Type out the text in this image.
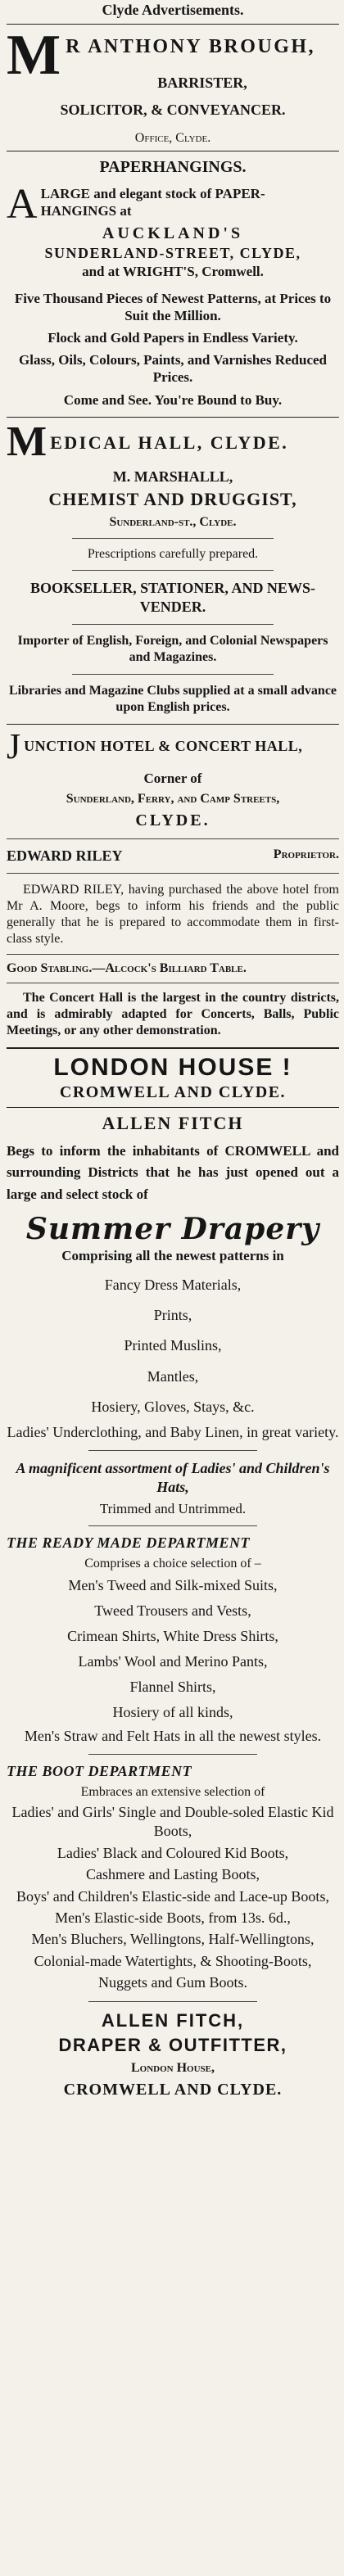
Clyde Advertisements.
M R ANTHONY BROUGH,
BARRISTER,
SOLICITOR, & CONVEYANCER.
Office, Clyde.
PAPERHANGINGS.
A LARGE and elegant stock of PAPER-HANGINGS at
AUCKLAND'S
SUNDERLAND-STREET, CLYDE,
and at WRIGHT'S, Cromwell.
Five Thousand Pieces of Newest Patterns, at Prices to Suit the Million.
Flock and Gold Papers in Endless Variety.
Glass, Oils, Colours, Paints, and Varnishes Reduced Prices.
Come and See. You're Bound to Buy.
M EDICAL HALL, CLYDE.
M. MARSHALLL,
CHEMIST AND DRUGGIST,
Sunderland-st., Clyde.
Prescriptions carefully prepared.
BOOKSELLER, STATIONER, AND NEWS-VENDER.
Importer of English, Foreign, and Colonial Newspapers and Magazines.
Libraries and Magazine Clubs supplied at a small advance upon English prices.
J UNCTION HOTEL & CONCERT HALL,
Corner of
Sunderland, Ferry, and Camp Streets,
CLYDE.
EDWARD RILEY	Proprietor.
EDWARD RILEY, having purchased the above hotel from Mr A. Moore, begs to inform his friends and the public generally that he is prepared to accommodate them in first-class style.
Good Stabling.—Alcock's Billiard Table.
The Concert Hall is the largest in the country districts, and is admirably adapted for Concerts, Balls, Public Meetings, or any other demonstration.
LONDON HOUSE !
CROMWELL AND CLYDE.
ALLEN FITCH
Begs to inform the inhabitants of CROMWELL and surrounding Districts that he has just opened out a large and select stock of
Summer Drapery
Comprising all the newest patterns in
Fancy Dress Materials,
Prints,
Printed Muslins,
Mantles,
Hosiery, Gloves, Stays, &c.
Ladies' Underclothing, and Baby Linen, in great variety.
A magnificent assortment of Ladies' and Children's Hats,
Trimmed and Untrimmed.
THE READY MADE DEPARTMENT
Comprises a choice selection of –
Men's Tweed and Silk-mixed Suits,
Tweed Trousers and Vests,
Crimean Shirts, White Dress Shirts,
Lambs' Wool and Merino Pants,
Flannel Shirts,
Hosiery of all kinds,
Men's Straw and Felt Hats in all the newest styles.
THE BOOT DEPARTMENT
Embraces an extensive selection of
Ladies' and Girls' Single and Double-soled Elastic Kid Boots,
Ladies' Black and Coloured Kid Boots,
Cashmere and Lasting Boots,
Boys' and Children's Elastic-side and Lace-up Boots,
Men's Elastic-side Boots, from 13s. 6d.,
Men's Bluchers, Wellingtons, Half-Wellingtons,
Colonial-made Watertights, & Shooting-Boots,
Nuggets and Gum Boots.
ALLEN FITCH,
DRAPER & OUTFITTER,
London House,
CROMWELL AND CLYDE.
